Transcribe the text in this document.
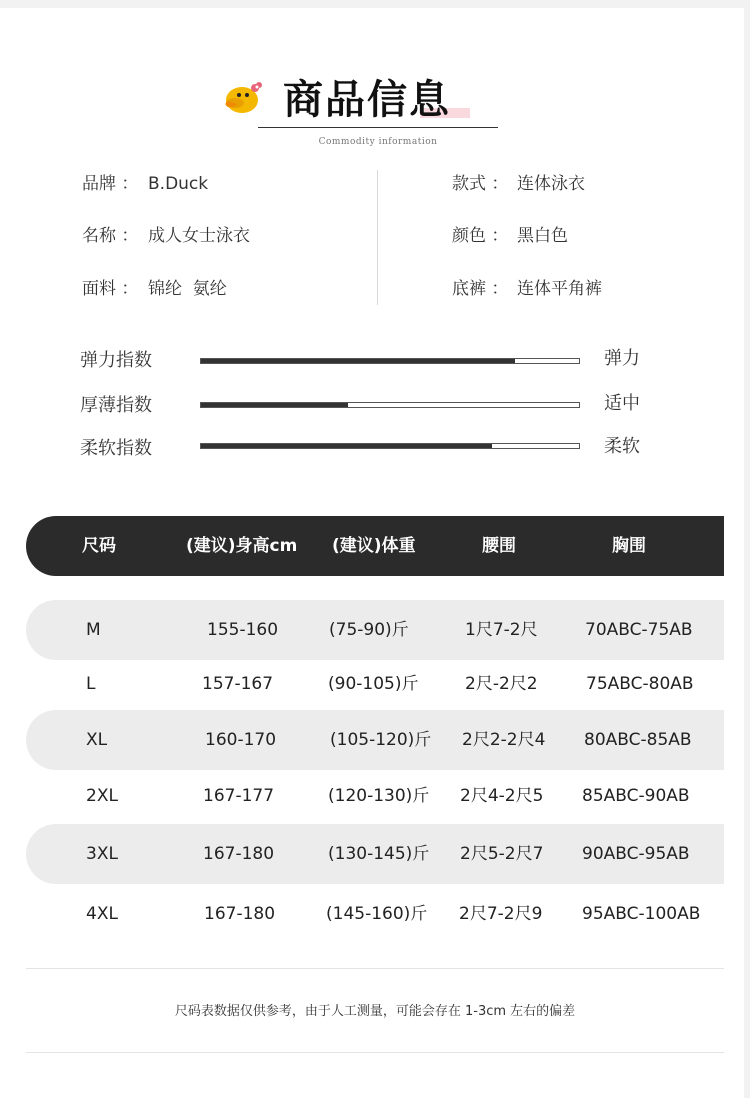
商品信息
Commodity information
品牌 ： B.Duck	款式 ： 连体泳衣
名称 ： 成人女士泳衣	颜色 ： 黑白色
面料 ： 锦纶  氨纶	底裤 ： 连体平角裤
弹力指数	弹力
厚薄指数	适中
柔软指数	柔软
尺码	(建议)身高cm (建议)体重	腰围	胸围
M	155-160	(75-90)斤	1尺7-2尺	70ABC-75AB
L	157-167	(90-105)斤	2尺-2尺2	75ABC-80AB
XL	160-170	(105-120)斤 2尺2-2尺4 80ABC-85AB
2XL	167-177	(120-130)斤 2尺4-2尺5 85ABC-90AB
3XL	167-180	(130-145)斤 2尺5-2尺7 90ABC-95AB
4XL	167-180	(145-160)斤 2尺7-2尺9 95ABC-100AB
尺码表数据仅供参考，由于人工测量，可能会存在 1-3cm 左右的偏差
